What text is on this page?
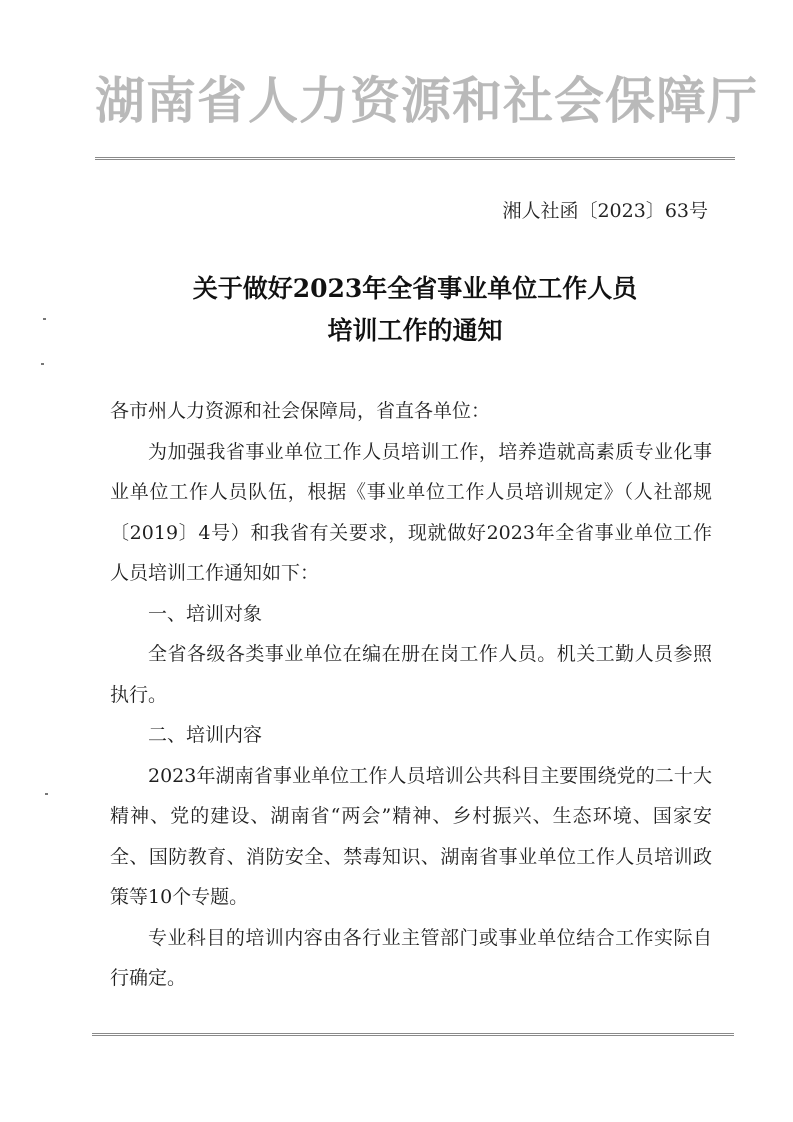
湖南省人力资源和社会保障厅
湘人社函〔2023〕63号
关于做好2023年全省事业单位工作人员
培训工作的通知

各市州人力资源和社会保障局，省直各单位：

为加强我省事业单位工作人员培训工作，培养造就高素质专业化事业单位工作人员队伍，根据《事业单位工作人员培训规定》（人社部规〔2019〕4号）和我省有关要求，现就做好2023年全省事业单位工作人员培训工作通知如下：

一、培训对象

全省各级各类事业单位在编在册在岗工作人员。机关工勤人员参照执行。

二、培训内容

2023年湖南省事业单位工作人员培训公共科目主要围绕党的二十大精神、党的建设、湖南省“两会”精神、乡村振兴、生态环境、国家安全、国防教育、消防安全、禁毒知识、湖南省事业单位工作人员培训政策等10个专题。

专业科目的培训内容由各行业主管部门或事业单位结合工作实际自行确定。
